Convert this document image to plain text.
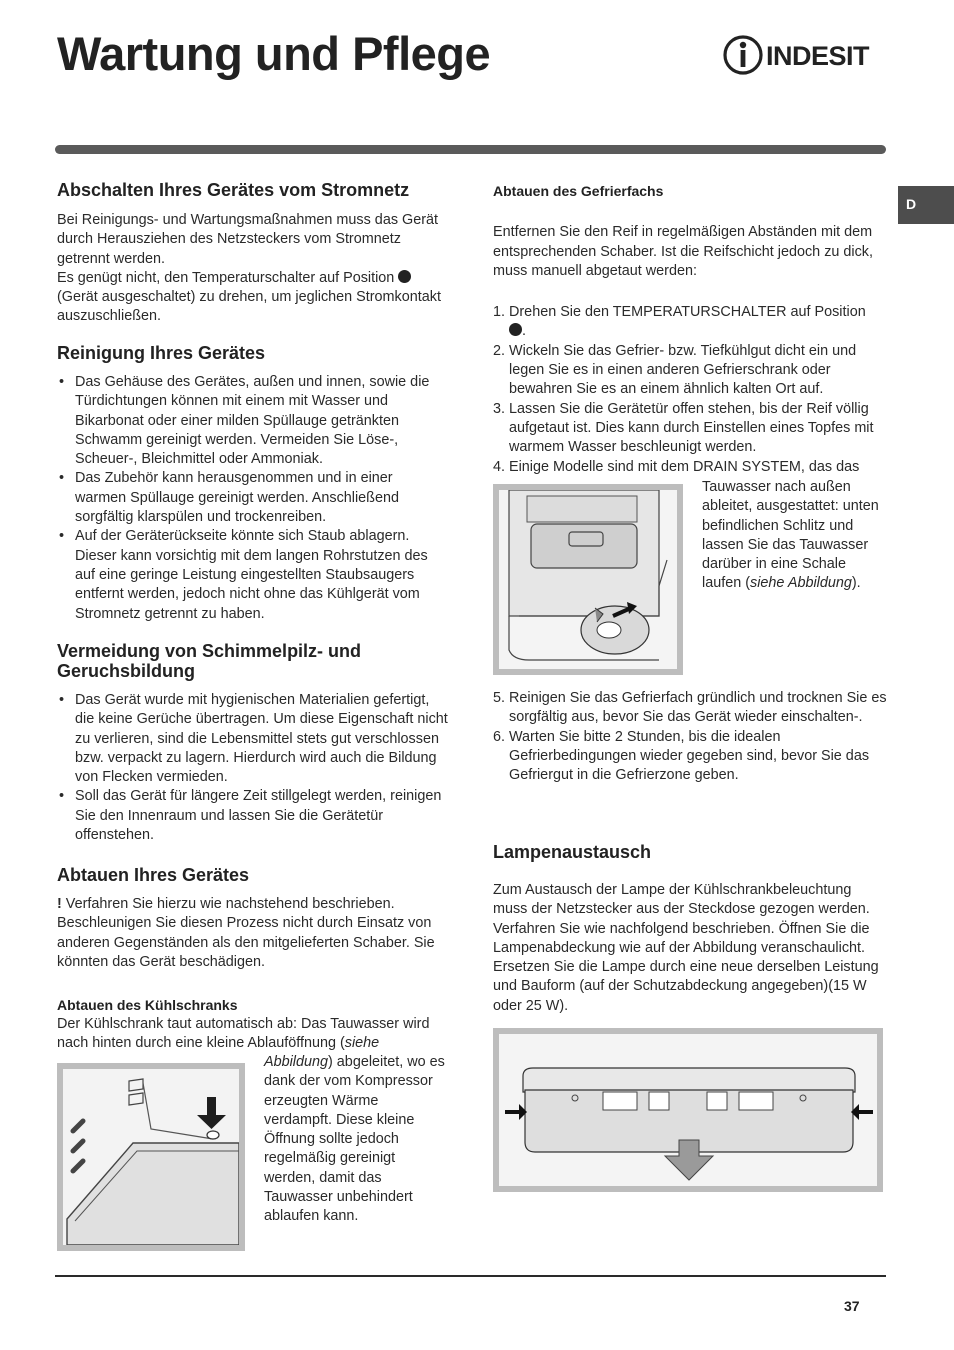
Wartung und Pflege	INDESIT
D
Abschalten Ihres Gerätes vom Stromnetz

Bei Reinigungs- und Wartungsmaßnahmen muss das Gerät durch Herausziehen des Netzsteckers vom Stromnetz getrennt werden.

Es genügt nicht, den Temperaturschalter auf Position  (Gerät ausgeschaltet) zu drehen, um jeglichen Stromkontakt auszuschließen.

Reinigung Ihres Gerätes
• Das Gehäuse des Gerätes, außen und innen, sowie die Türdichtungen können mit einem mit Wasser und Bikarbonat oder einer milden Spüllauge getränkten Schwamm gereinigt werden. Vermeiden Sie Löse-, Scheuer-, Bleichmittel oder Ammoniak.
• Das Zubehör kann herausgenommen und in einer warmen Spüllauge gereinigt werden. Anschließend sorgfältig klarspülen und trockenreiben.
• Auf der Geräterückseite könnte sich Staub ablagern. Dieser kann vorsichtig mit dem langen Rohrstutzen des auf eine geringe Leistung eingestellten Staubsaugers entfernt werden, jedoch nicht ohne das Kühlgerät vom Stromnetz getrennt zu haben.
Vermeidung von Schimmelpilz- und Geruchsbildung
• Das Gerät wurde mit hygienischen Materialien gefertigt, die keine Gerüche übertragen. Um diese Eigenschaft nicht zu verlieren, sind die Lebensmittel stets gut verschlossen bzw. verpackt zu lagern. Hierdurch wird auch die Bildung von Flecken vermieden.
• Soll das Gerät für längere Zeit stillgelegt werden, reinigen Sie den Innenraum und lassen Sie die Gerätetür offenstehen.
Abtauen Ihres Gerätes

! Verfahren Sie hierzu wie nachstehend beschrieben. Beschleunigen Sie diesen Prozess nicht durch Einsatz von anderen Gegenständen als den mitgelieferten Schaber. Sie könnten das Gerät beschädigen.

Abtauen des Kühlschranks

Der Kühlschrank taut automatisch ab: Das Tauwasser wird nach hinten durch eine kleine Ablauföffnung (siehe

Abbildung) abgeleitet, wo es dank der vom Kompressor erzeugten Wärme verdampft. Diese kleine Öffnung sollte jedoch regelmäßig gereinigt werden, damit das Tauwasser unbehindert ablaufen kann.

Abtauen des Gefrierfachs

Entfernen Sie den Reif in regelmäßigen Abständen mit dem entsprechenden Schaber. Ist die Reifschicht jedoch zu dick, muss manuell abgetaut werden:

1. Drehen Sie den TEMPERATURSCHALTER auf Position
.
2. Wickeln Sie das Gefrier- bzw. Tiefkühlgut dicht ein und legen Sie es in einen anderen Gefrierschrank oder bewahren Sie es an einem ähnlich kalten Ort auf.
3. Lassen Sie die Gerätetür offen stehen, bis der Reif völlig aufgetaut ist. Dies kann durch Einstellen eines Topfes mit warmem Wasser beschleunigt werden.
4. Einige Modelle sind mit dem DRAIN SYSTEM, das das

Tauwasser nach außen ableitet, ausgestattet: unten befindlichen Schlitz und lassen Sie das Tauwasser darüber in eine Schale laufen (siehe Abbildung).

5. Reinigen Sie das Gefrierfach gründlich und trocknen Sie es sorgfältig aus, bevor Sie das Gerät wieder einschalten-.
6. Warten Sie bitte 2 Stunden, bis die idealen Gefrierbedingungen wieder gegeben sind, bevor Sie das Gefriergut in die Gefrierzone geben.
Lampenaustausch

Zum Austausch der Lampe der Kühlschrankbeleuchtung muss der Netzstecker aus der Steckdose gezogen werden. Verfahren Sie wie nachfolgend beschrieben. Öffnen Sie die Lampenabdeckung wie auf der Abbildung veranschaulicht. Ersetzen Sie die Lampe durch eine neue derselben Leistung und Bauform (auf der Schutzabdeckung angegeben)(15 W oder 25 W).

37
